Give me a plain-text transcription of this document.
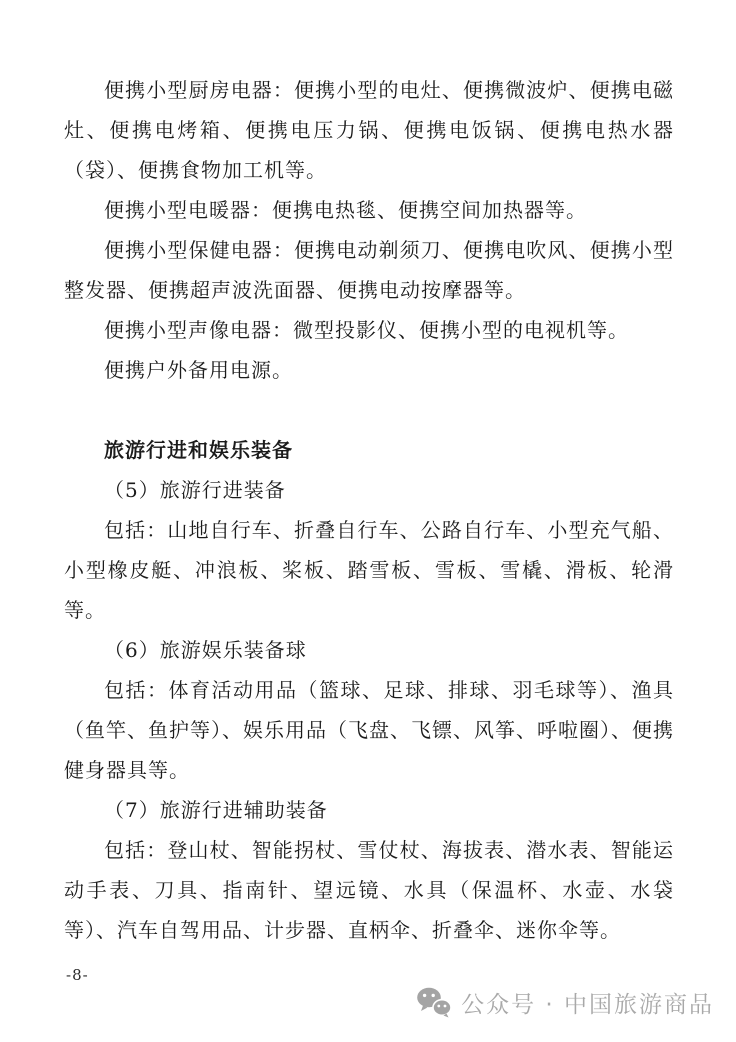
便携小型厨房电器：便携小型的电灶、便携微波炉、便携电磁灶、便携电烤箱、便携电压力锅、便携电饭锅、便携电热水器（袋）、便携食物加工机等。

便携小型电暖器：便携电热毯、便携空间加热器等。

便携小型保健电器：便携电动剃须刀、便携电吹风、便携小型整发器、便携超声波洗面器、便携电动按摩器等。

便携小型声像电器：微型投影仪、便携小型的电视机等。

便携户外备用电源。

旅游行进和娱乐装备

（5）旅游行进装备

包括：山地自行车、折叠自行车、公路自行车、小型充气船、小型橡皮艇、冲浪板、桨板、踏雪板、雪板、雪橇、滑板、轮滑等。

（6）旅游娱乐装备球

包括：体育活动用品（篮球、足球、排球、羽毛球等）、渔具（鱼竿、鱼护等）、娱乐用品（飞盘、飞镖、风筝、呼啦圈）、便携健身器具等。

（7）旅游行进辅助装备

包括：登山杖、智能拐杖、雪仗杖、海拔表、潜水表、智能运动手表、刀具、指南针、望远镜、水具（保温杯、水壶、水袋等）、汽车自驾用品、计步器、直柄伞、折叠伞、迷你伞等。

-8-
公众号 · 中国旅游商品
